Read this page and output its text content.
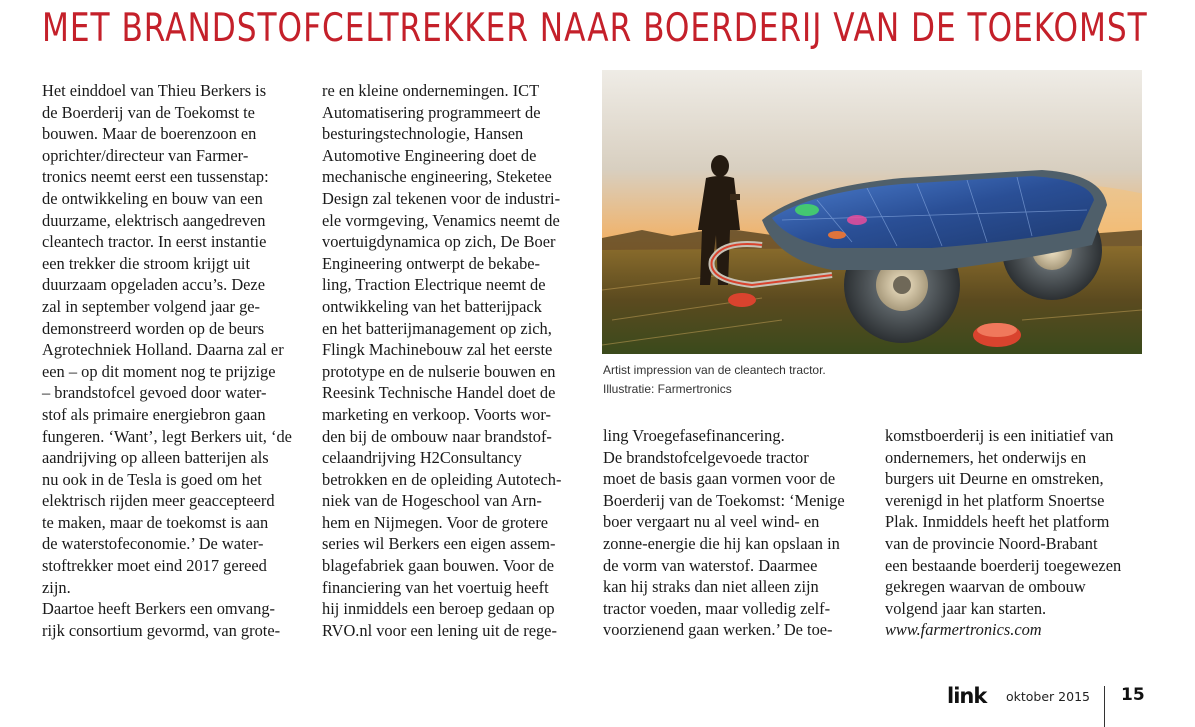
MET BRANDSTOFCELTREKKER NAAR BOERDERIJ VAN DE TOEKOMST
Het einddoel van Thieu Berkers is
de Boerderij van de Toekomst te
bouwen. Maar de boerenzoon en
oprichter/directeur van Farmer-
tronics neemt eerst een tussenstap:
de ontwikkeling en bouw van een
duurzame, elektrisch aangedreven
cleantech tractor. In eerst instantie
een trekker die stroom krijgt uit
duurzaam opgeladen accu’s. Deze
zal in september volgend jaar ge-
demonstreerd worden op de beurs
Agrotechniek Holland. Daarna zal er
een – op dit moment nog te prijzige
– brandstofcel gevoed door water-
stof als primaire energiebron gaan
fungeren. ‘Want’, legt Berkers uit, ‘de
aandrijving op alleen batterijen als
nu ook in de Tesla is goed om het
elektrisch rijden meer geaccepteerd
te maken, maar de toekomst is aan
de waterstofeconomie.’ De water-
stoftrekker moet eind 2017 gereed
zijn.
Daartoe heeft Berkers een omvang-
rijk consortium gevormd, van grote-
re en kleine ondernemingen. ICT
Automatisering programmeert de
besturingstechnologie, Hansen
Automotive Engineering doet de
mechanische engineering, Steketee
Design zal tekenen voor de industri-
ele vormgeving, Venamics neemt de
voertuigdynamica op zich, De Boer
Engineering ontwerpt de bekabe-
ling, Traction Electrique neemt de
ontwikkeling van het batterijpack
en het batterijmanagement op zich,
Flingk Machinebouw zal het eerste
prototype en de nulserie bouwen en
Reesink Technische Handel doet de
marketing en verkoop. Voorts wor-
den bij de ombouw naar brandstof-
celaandrijving H2Consultancy
betrokken en de opleiding Autotech-
niek van de Hogeschool van Arn-
hem en Nijmegen. Voor de grotere
series wil Berkers een eigen assem-
blagefabriek gaan bouwen. Voor de
financiering van het voertuig heeft
hij inmiddels een beroep gedaan op
RVO.nl voor een lening uit de rege-
Artist impression van de cleantech tractor.
Illustratie: Farmertronics
ling Vroegefasefinancering.
De brandstofcelgevoede tractor
moet de basis gaan vormen voor de
Boerderij van de Toekomst: ‘Menige
boer vergaart nu al veel wind- en
zonne-energie die hij kan opslaan in
de vorm van waterstof. Daarmee
kan hij straks dan niet alleen zijn
tractor voeden, maar volledig zelf-
voorzienend gaan werken.’ De toe-
komstboerderij is een initiatief van
ondernemers, het onderwijs en
burgers uit Deurne en omstreken,
verenigd in het platform Snoertse
Plak. Inmiddels heeft het platform
van de provincie Noord-Brabant
een bestaande boerderij toegewezen
gekregen waarvan de ombouw
volgend jaar kan starten.
www.farmertronics.com
link oktober 2015 15
